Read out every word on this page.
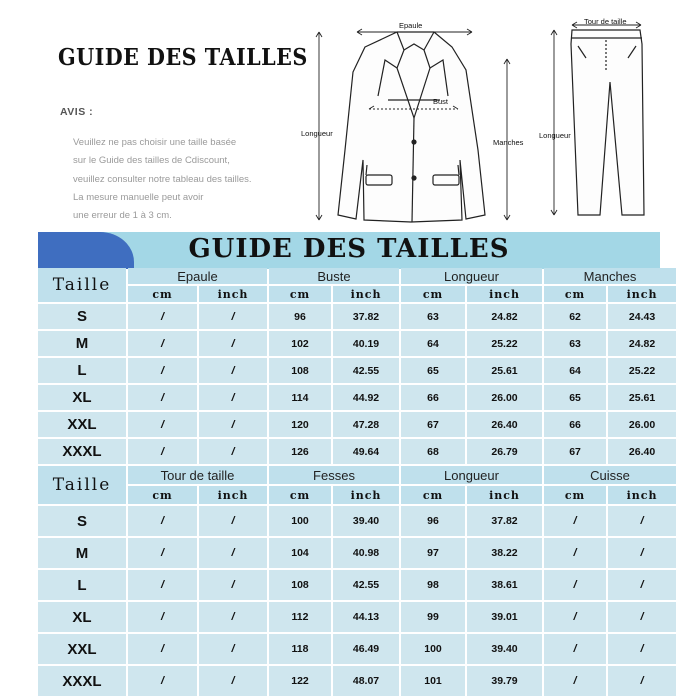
GUIDE DES TAILLES
AVIS :
Veuillez ne pas choisir une taille basée
sur le Guide des tailles de Cdiscount,
veuillez consulter notre tableau des tailles.
La mesure manuelle peut avoir
une erreur de 1 à 3 cm.
Epaule
Bust
Longueur
Manches
Tour de taille
Longueur
GUIDE DES TAILLES
Taille	Epaule		Buste		Longueur		Manches	
	cm	inch	cm	inch	cm	inch	cm	inch
S	/	/	96	37.82	63	24.82	62	24.43
M	/	/	102	40.19	64	25.22	63	24.82
L	/	/	108	42.55	65	25.61	64	25.22
XL	/	/	114	44.92	66	26.00	65	25.61
XXL	/	/	120	47.28	67	26.40	66	26.00
XXXL	/	/	126	49.64	68	26.79	67	26.40
Taille	Tour de taille		Fesses		Longueur		Cuisse	
	cm	inch	cm	inch	cm	inch	cm	inch
S	/	/	100	39.40	96	37.82	/	/
M	/	/	104	40.98	97	38.22	/	/
L	/	/	108	42.55	98	38.61	/	/
XL	/	/	112	44.13	99	39.01	/	/
XXL	/	/	118	46.49	100	39.40	/	/
XXXL	/	/	122	48.07	101	39.79	/	/
